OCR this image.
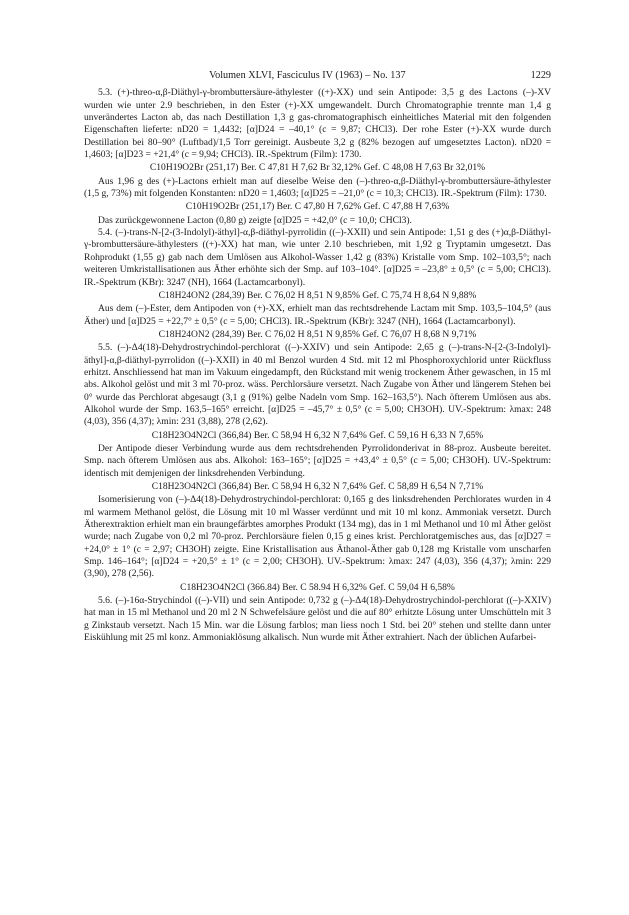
Volumen XLVI, Fasciculus IV (1963) – No. 137	1229

5.3. (+)-threo-α,β-Diäthyl-γ-brombuttersäure-äthylester ((+)-XX) und sein Antipode: 3,5 g des Lactons (–)-XV wurden wie unter 2.9 beschrieben, in den Ester (+)-XX umgewandelt. Durch Chromatographie trennte man 1,4 g unverändertes Lacton ab, das nach Destillation 1,3 g gas-chromatographisch einheitliches Material mit den folgenden Eigenschaften lieferte: nD20 = 1,4432; [α]D24 = –40,1° (c = 9,87; CHCl3). Der rohe Ester (+)-XX wurde durch Destillation bei 80–90° (Luftbad)/1,5 Torr gereinigt. Ausbeute 3,2 g (82% bezogen auf umgesetztes Lacton). nD20 = 1,4603; [α]D23 = +21,4° (c = 9,94; CHCl3). IR.-Spektrum (Film): 1730.

C10H19O2Br (251,17) Ber. C 47,81 H 7,62 Br 32,12% Gef. C 48,08 H 7,63 Br 32,01%

Aus 1,96 g des (+)-Lactons erhielt man auf dieselbe Weise den (–)-threo-α,β-Diäthyl-γ-brombuttersäure-äthylester (1,5 g, 73%) mit folgenden Konstanten: nD20 = 1,4603; [α]D25 = –21,0° (c = 10,3; CHCl3). IR.-Spektrum (Film): 1730.

C10H19O2Br (251,17) Ber. C 47,80 H 7,62% Gef. C 47,88 H 7,63%

Das zurückgewonnene Lacton (0,80 g) zeigte [α]D25 = +42,0° (c = 10,0; CHCl3).

5.4. (–)-trans-N-[2-(3-Indolyl)-äthyl]-α,β-diäthyl-pyrrolidin ((–)-XXII) und sein Antipode: 1,51 g des (+)α,β-Diäthyl-γ-brombuttersäure-äthylesters ((+)-XX) hat man, wie unter 2.10 beschrieben, mit 1,92 g Tryptamin umgesetzt. Das Rohprodukt (1,55 g) gab nach dem Umlösen aus Alkohol-Wasser 1,42 g (83%) Kristalle vom Smp. 102–103,5°; nach weiteren Umkristallisationen aus Äther erhöhte sich der Smp. auf 103–104°. [α]D25 = –23,8° ± 0,5° (c = 5,00; CHCl3). IR.-Spektrum (KBr): 3247 (NH), 1664 (Lactamcarbonyl).

C18H24ON2 (284,39) Ber. C 76,02 H 8,51 N 9,85% Gef. C 75,74 H 8,64 N 9,88%

Aus dem (–)-Ester, dem Antipoden von (+)-XX, erhielt man das rechtsdrehende Lactam mit Smp. 103,5–104,5° (aus Äther) und [α]D25 = +22,7° ± 0,5° (c = 5,00; CHCl3). IR.-Spektrum (KBr): 3247 (NH), 1664 (Lactamcarbonyl).

C18H24ON2 (284,39) Ber. C 76,02 H 8,51 N 9,85% Gef. C 76,07 H 8,68 N 9,71%

5.5. (–)-Δ4(18)-Dehydrostrychindol-perchlorat ((–)-XXIV) und sein Antipode: 2,65 g (–)-trans-N-[2-(3-Indolyl)-äthyl]-α,β-diäthyl-pyrrolidon ((–)-XXII) in 40 ml Benzol wurden 4 Std. mit 12 ml Phosphoroxychlorid unter Rückfluss erhitzt. Anschliessend hat man im Vakuum eingedampft, den Rückstand mit wenig trockenem Äther gewaschen, in 15 ml abs. Alkohol gelöst und mit 3 ml 70-proz. wäss. Perchlorsäure versetzt. Nach Zugabe von Äther und längerem Stehen bei 0° wurde das Perchlorat abgesaugt (3,1 g (91%) gelbe Nadeln vom Smp. 162–163,5°). Nach öfterem Umlösen aus abs. Alkohol wurde der Smp. 163,5–165° erreicht. [α]D25 = –45,7° ± 0,5° (c = 5,00; CH3OH). UV.-Spektrum: λmax: 248 (4,03), 356 (4,37); λmin: 231 (3,88), 278 (2,62).

C18H23O4N2Cl (366,84) Ber. C 58,94 H 6,32 N 7,64% Gef. C 59,16 H 6,33 N 7,65%

Der Antipode dieser Verbindung wurde aus dem rechtsdrehenden Pyrrolidonderivat in 88-proz. Ausbeute bereitet. Smp. nach öfterem Umlösen aus abs. Alkohol: 163–165°; [α]D25 = +43,4° ± 0,5° (c = 5,00; CH3OH). UV.-Spektrum: identisch mit demjenigen der linksdrehenden Verbindung.

C18H23O4N2Cl (366,84) Ber. C 58,94 H 6,32 N 7,64% Gef. C 58,89 H 6,54 N 7,71%

Isomerisierung von (–)-Δ4(18)-Dehydrostrychindol-perchlorat: 0,165 g des linksdrehenden Perchlorates wurden in 4 ml warmem Methanol gelöst, die Lösung mit 10 ml Wasser verdünnt und mit 10 ml konz. Ammoniak versetzt. Durch Ätherextraktion erhielt man ein braungefärbtes amorphes Produkt (134 mg), das in 1 ml Methanol und 10 ml Äther gelöst wurde; nach Zugabe von 0,2 ml 70-proz. Perchlorsäure fielen 0,15 g eines krist. Perchloratgemisches aus, das [α]D27 = +24,0° ± 1° (c = 2,97; CH3OH) zeigte. Eine Kristallisation aus Äthanol-Äther gab 0,128 mg Kristalle vom unscharfen Smp. 146–164°; [α]D24 = +20,5° ± 1° (c = 2,00; CH3OH). UV.-Spektrum: λmax: 247 (4,03), 356 (4,37); λmin: 229 (3,90), 278 (2,56).

C18H23O4N2Cl (366.84) Ber. C 58.94 H 6,32% Gef. C 59,04 H 6,58%

5.6. (–)-16α-Strychindol ((–)-VII) und sein Antipode: 0,732 g (–)-Δ4(18)-Dehydrostrychindol-perchlorat ((–)-XXIV) hat man in 15 ml Methanol und 20 ml 2 N Schwefelsäure gelöst und die auf 80° erhitzte Lösung unter Umschütteln mit 3 g Zinkstaub versetzt. Nach 15 Min. war die Lösung farblos; man liess noch 1 Std. bei 20° stehen und stellte dann unter Eiskühlung mit 25 ml konz. Ammoniaklösung alkalisch. Nun wurde mit Äther extrahiert. Nach der üblichen Aufarbei-
